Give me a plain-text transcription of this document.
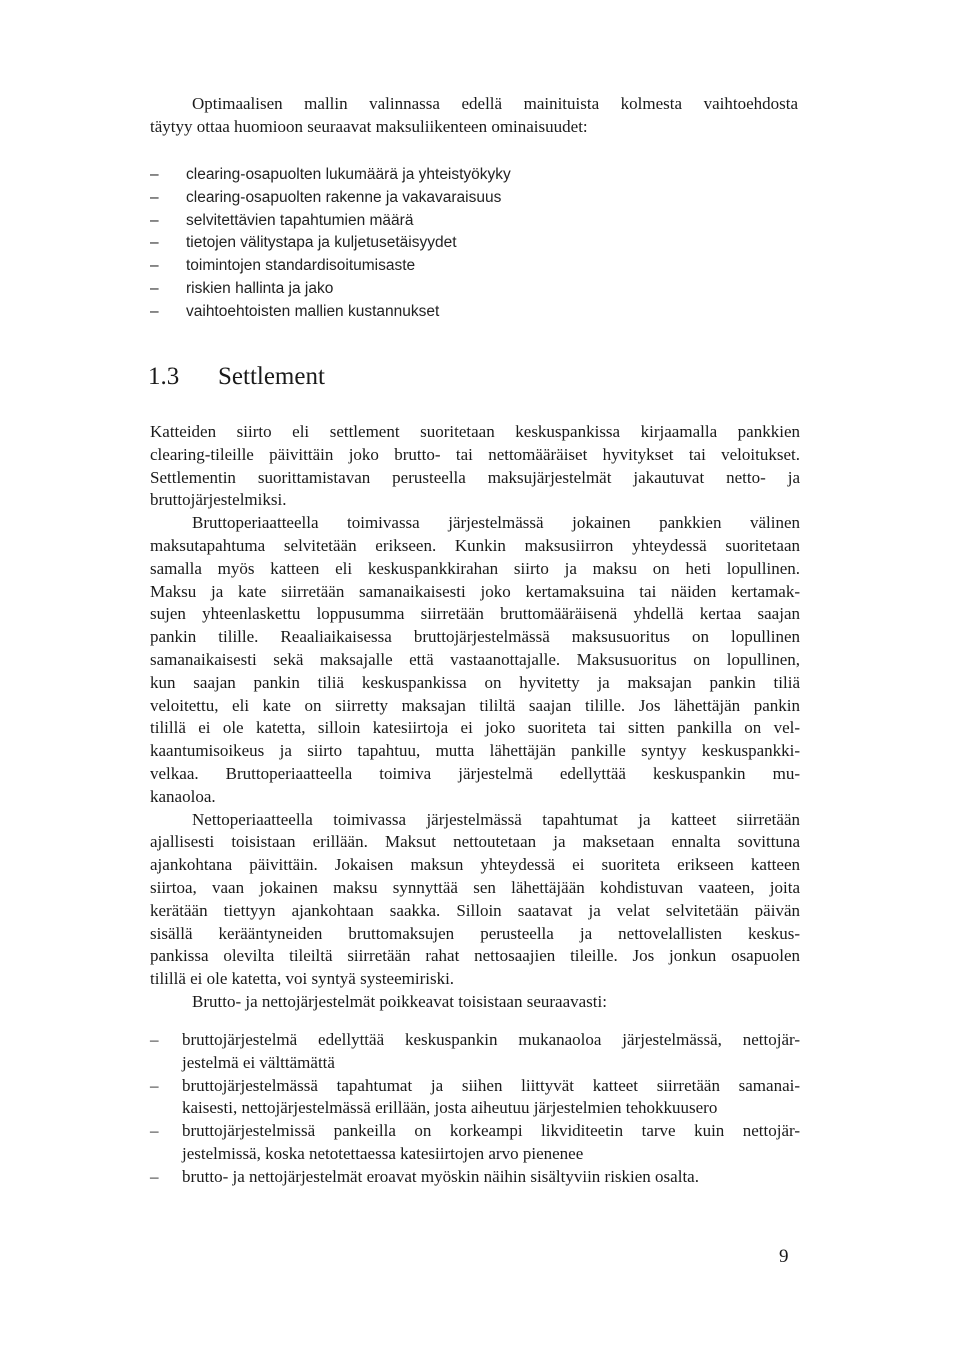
Optimaalisen mallin valinnassa edellä mainituista kolmesta vaihtoehdosta
täytyy ottaa huomioon seuraavat maksuliikenteen ominaisuudet:
– clearing-osapuolten lukumäärä ja yhteistyökyky
– clearing-osapuolten rakenne ja vakavaraisuus
– selvitettävien tapahtumien määrä
– tietojen välitystapa ja kuljetusetäisyydet
– toimintojen standardisoitumisaste
– riskien hallinta ja jako
– vaihtoehtoisten mallien kustannukset
1.3 Settlement
Katteiden siirto eli settlement suoritetaan keskuspankissa kirjaamalla pankkien
clearing-tileille päivittäin joko brutto- tai nettomääräiset hyvitykset tai veloitukset.
Settlementin suorittamistavan perusteella maksujärjestelmät jakautuvat netto- ja
bruttojärjestelmiksi.
Bruttoperiaatteella toimivassa järjestelmässä jokainen pankkien välinen
maksutapahtuma selvitetään erikseen. Kunkin maksusiirron yhteydessä suoritetaan
samalla myös katteen eli keskuspankkirahan siirto ja maksu on heti lopullinen.
Maksu ja kate siirretään samanaikaisesti joko kertamaksuina tai näiden kertamak-
sujen yhteenlaskettu loppusumma siirretään bruttomääräisenä yhdellä kertaa saajan
pankin tilille. Reaaliaikaisessa bruttojärjestelmässä maksusuoritus on lopullinen
samanaikaisesti sekä maksajalle että vastaanottajalle. Maksusuoritus on lopullinen,
kun saajan pankin tiliä keskuspankissa on hyvitetty ja maksajan pankin tiliä
veloitettu, eli kate on siirretty maksajan tililtä saajan tilille. Jos lähettäjän pankin
tilillä ei ole katetta, silloin katesiirtoja ei joko suoriteta tai sitten pankilla on vel-
kaantumisoikeus ja siirto tapahtuu, mutta lähettäjän pankille syntyy keskuspankki-
velkaa. Bruttoperiaatteella toimiva järjestelmä edellyttää keskuspankin mu-
kanaoloa.
Nettoperiaatteella toimivassa järjestelmässä tapahtumat ja katteet siirretään
ajallisesti toisistaan erillään. Maksut nettoutetaan ja maksetaan ennalta sovittuna
ajankohtana päivittäin. Jokaisen maksun yhteydessä ei suoriteta erikseen katteen
siirtoa, vaan jokainen maksu synnyttää sen lähettäjään kohdistuvan vaateen, joita
kerätään tiettyyn ajankohtaan saakka. Silloin saatavat ja velat selvitetään päivän
sisällä kerääntyneiden bruttomaksujen perusteella ja nettovelallisten keskus-
pankissa olevilta tileiltä siirretään rahat nettosaajien tileille. Jos jonkun osapuolen
tilillä ei ole katetta, voi syntyä systeemiriski.
Brutto- ja nettojärjestelmät poikkeavat toisistaan seuraavasti:
– bruttojärjestelmä edellyttää keskuspankin mukanaoloa järjestelmässä, nettojär-
jestelmä ei välttämättä
– bruttojärjestelmässä tapahtumat ja siihen liittyvät katteet siirretään samanai-
kaisesti, nettojärjestelmässä erillään, josta aiheutuu järjestelmien tehokkuusero
– bruttojärjestelmissä pankeilla on korkeampi likviditeetin tarve kuin nettojär-
jestelmissä, koska netotettaessa katesiirtojen arvo pienenee
– brutto- ja nettojärjestelmät eroavat myöskin näihin sisältyviin riskien osalta.
9
